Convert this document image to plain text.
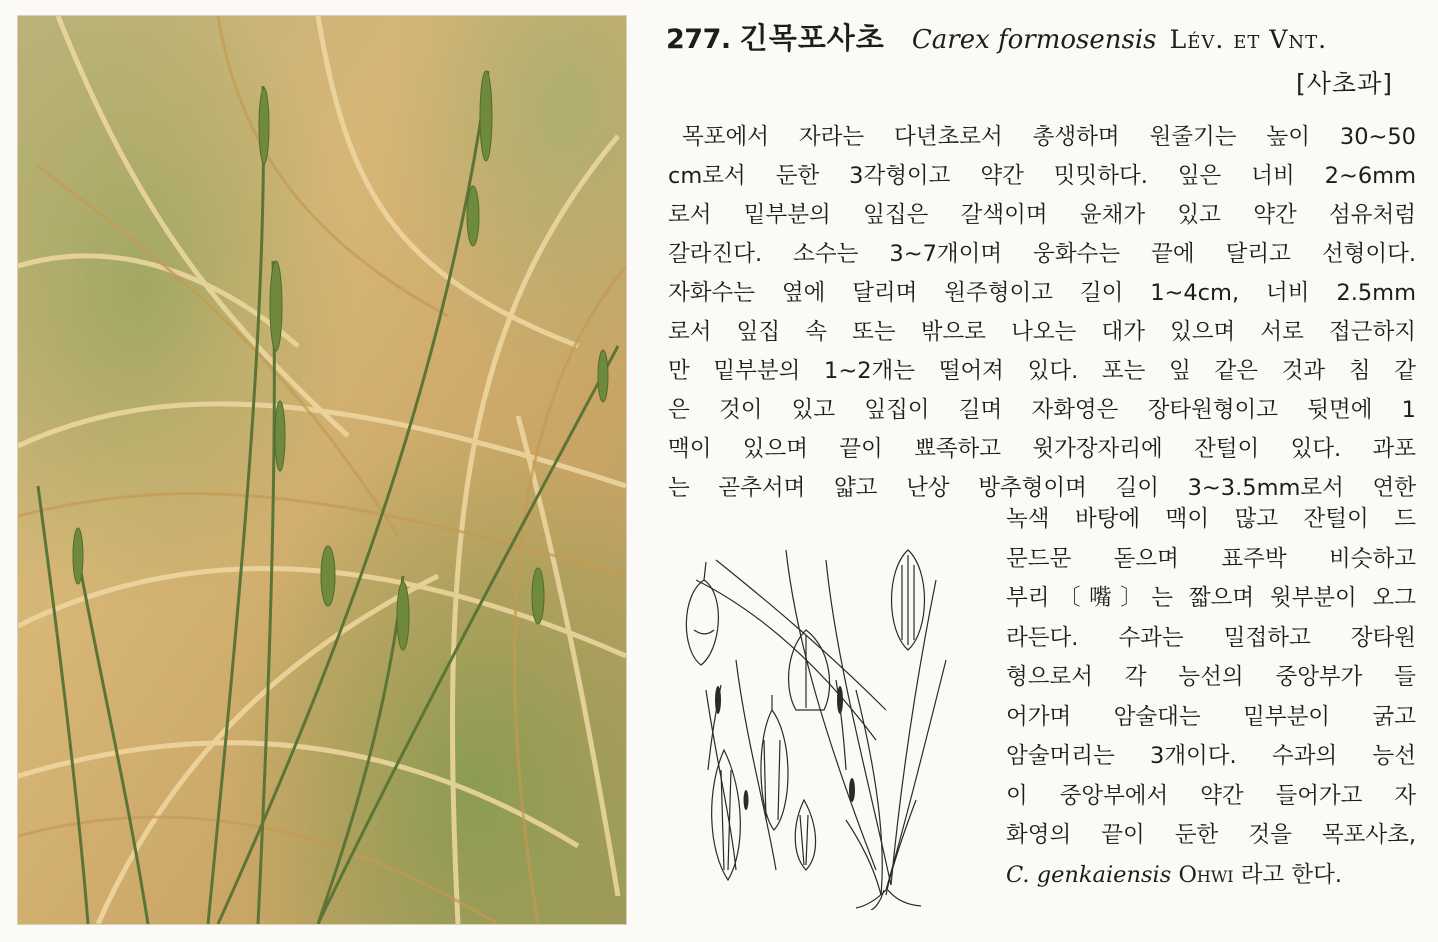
277. 긴목포사초 Carex formosensis Lév. et Vnt.
[사초과]
목포에서 자라는 다년초로서 총생하며 원줄기는 높이 30~50
cm로서 둔한 3각형이고 약간 밋밋하다. 잎은 너비 2~6mm
로서 밑부분의 잎집은 갈색이며 윤채가 있고 약간 섬유처럼
갈라진다. 소수는 3~7개이며 웅화수는 끝에 달리고 선형이다.
자화수는 옆에 달리며 원주형이고 길이 1~4cm, 너비 2.5mm
로서 잎집 속 또는 밖으로 나오는 대가 있으며 서로 접근하지
만 밑부분의 1~2개는 떨어져 있다. 포는 잎 같은 것과 침 같
은 것이 있고 잎집이 길며 자화영은 장타원형이고 뒷면에 1
맥이 있으며 끝이 뾰족하고 윗가장자리에 잔털이 있다. 과포
는 곧추서며 얇고 난상 방추형이며 길이 3~3.5mm로서 연한
녹색 바탕에 맥이 많고 잔털이 드
문드문 돋으며 표주박 비슷하고
부리〔嘴〕는 짧으며 윗부분이 오그
라든다. 수과는 밀접하고 장타원
형으로서 각 능선의 중앙부가 들
어가며 암술대는 밑부분이 굵고
암술머리는 3개이다. 수과의 능선
이 중앙부에서 약간 들어가고 자
화영의 끝이 둔한 것을 목포사초,
C. genkaiensis Ohwi 라고 한다.
